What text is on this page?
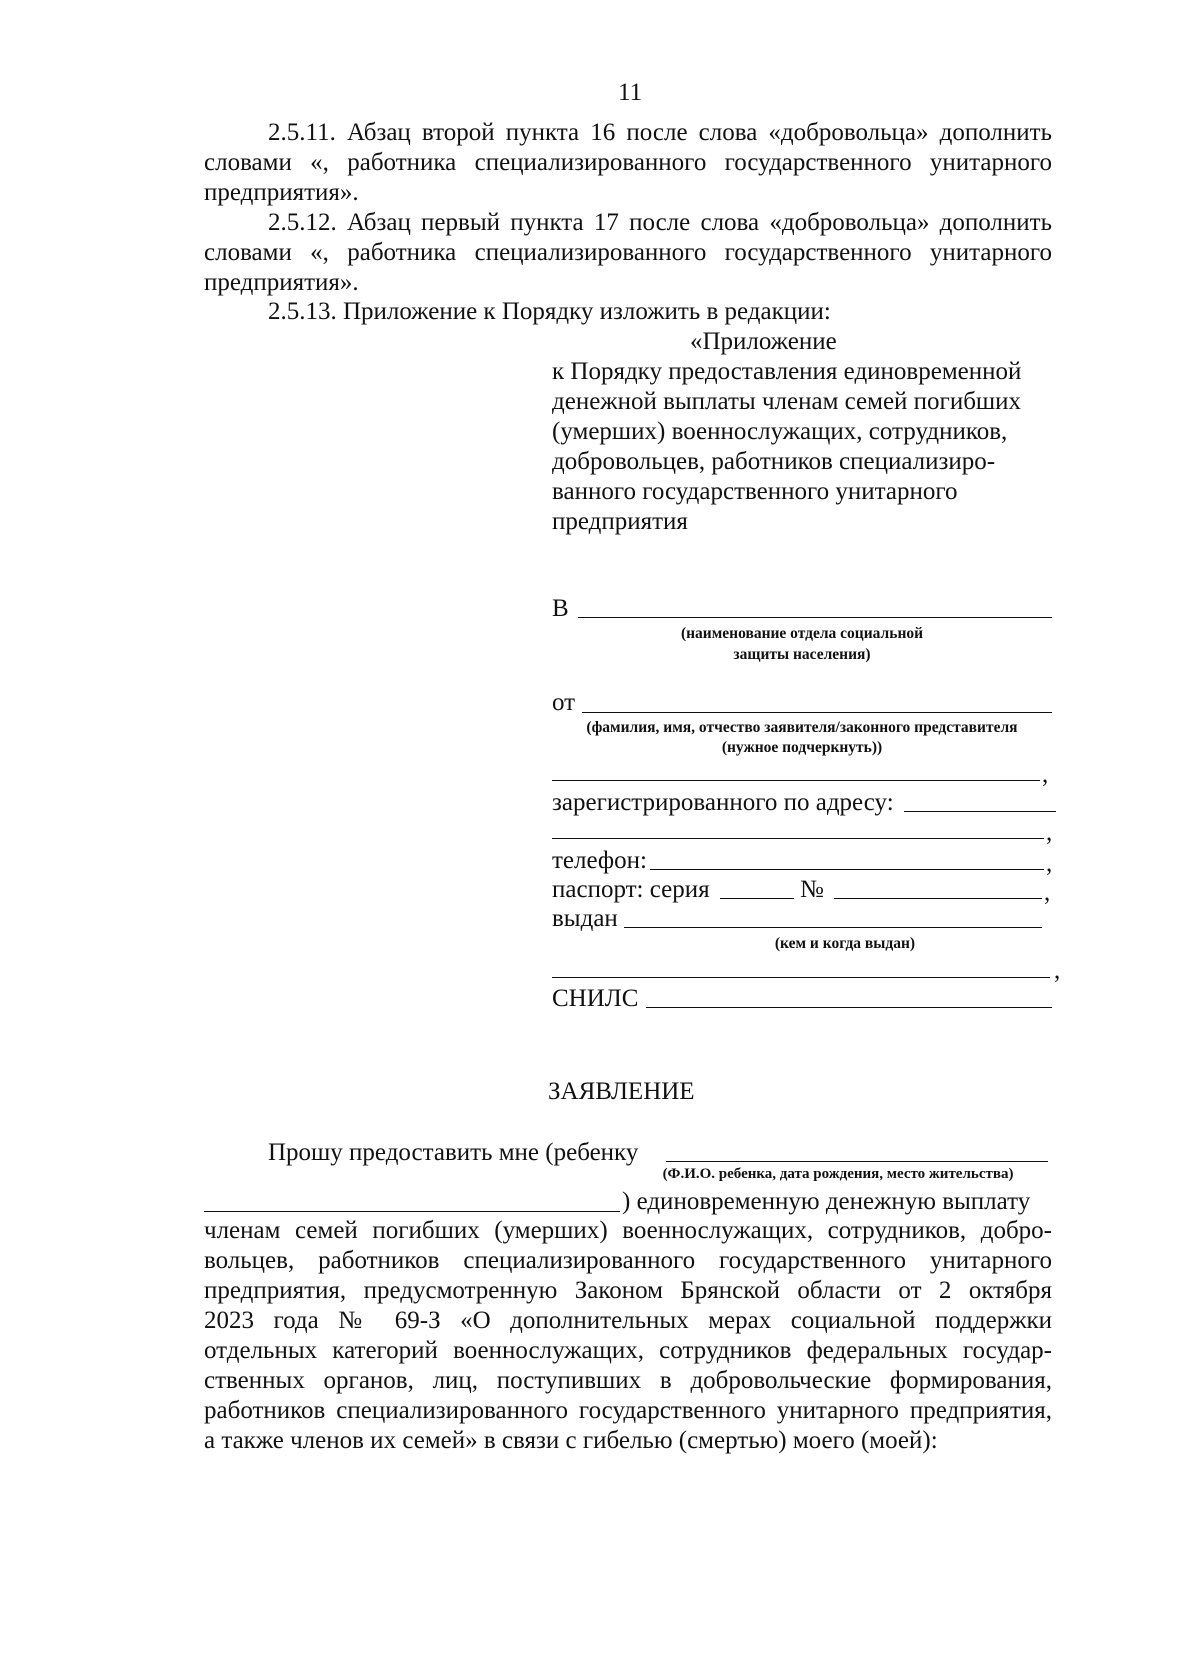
11
2.5.11. Абзац второй пункта 16 после слова «добровольца» дополнить
словами «, работника специализированного государственного унитарного
предприятия».
2.5.12. Абзац первый пункта 17 после слова «добровольца» дополнить
словами «, работника специализированного государственного унитарного
предприятия».
2.5.13. Приложение к Порядку изложить в редакции:
«Приложение
к Порядку предоставления единовременной
денежной выплаты членам семей погибших
(умерших) военнослужащих, сотрудников,
добровольцев, работников специализиро-
ванного государственного унитарного
предприятия
В
(наименование отдела социальной
защиты населения)
от
(фамилия, имя, отчество заявителя/законного представителя
(нужное подчеркнуть))
,
зарегистрированного по адресу:
,
телефон:	,
паспорт: серия	№	,
выдан
(кем и когда выдан)
,
СНИЛС
ЗАЯВЛЕНИЕ
Прошу предоставить мне (ребенку
(Ф.И.О. ребенка, дата рождения, место жительства)
) единовременную денежную выплату
членам семей погибших (умерших) военнослужащих, сотрудников, добро-
вольцев, работников специализированного государственного унитарного
предприятия, предусмотренную Законом Брянской области от 2 октября
2023 года № 69-З «О дополнительных мерах социальной поддержки
отдельных категорий военнослужащих, сотрудников федеральных государ-
ственных органов, лиц, поступивших в добровольческие формирования,
работников специализированного государственного унитарного предприятия,
а также членов их семей» в связи с гибелью (смертью) моего (моей):
